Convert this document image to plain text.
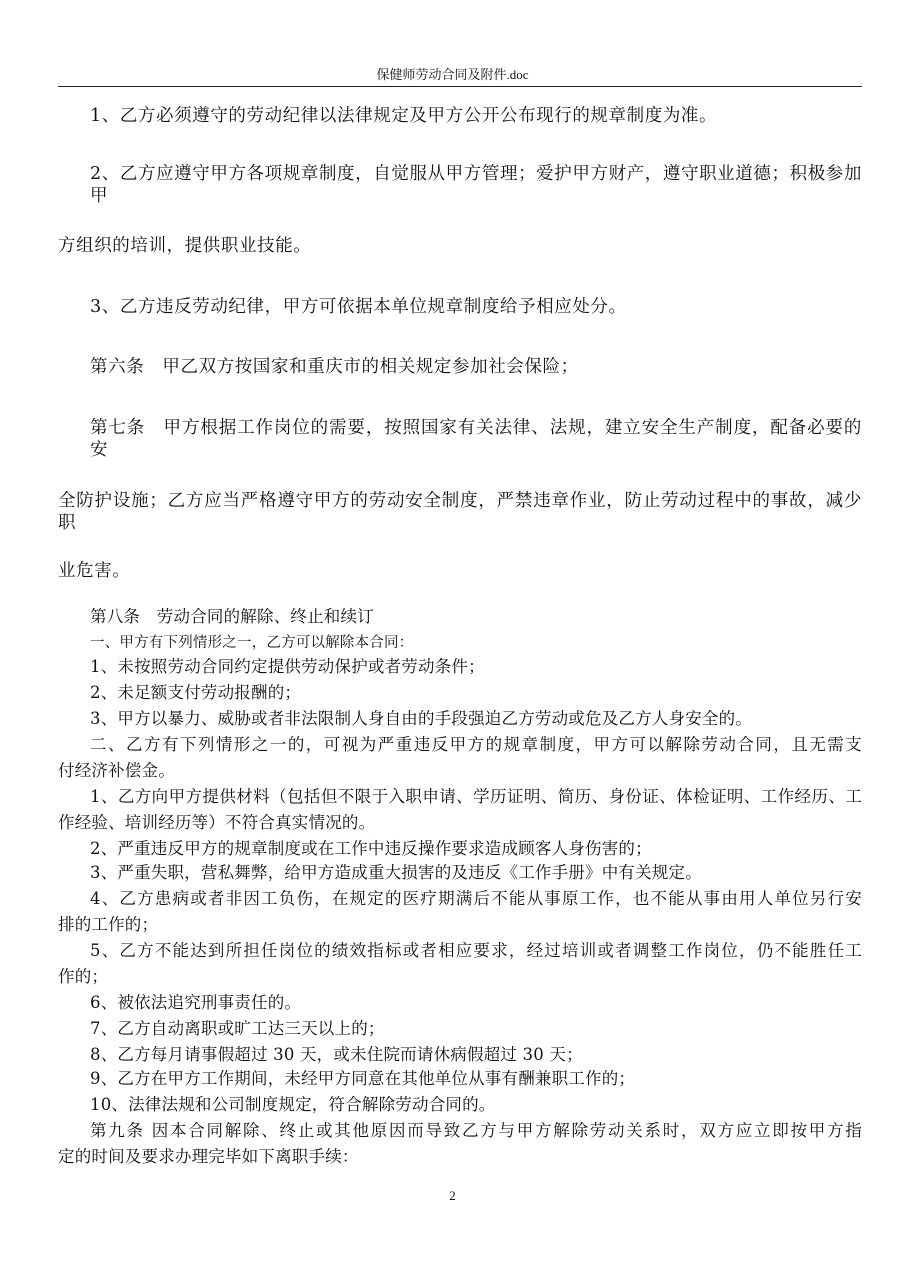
保健师劳动合同及附件.doc
1、乙方必须遵守的劳动纪律以法律规定及甲方公开公布现行的规章制度为准。
2、乙方应遵守甲方各项规章制度，自觉服从甲方管理；爱护甲方财产，遵守职业道德；积极参加甲
方组织的培训，提供职业技能。
3、乙方违反劳动纪律，甲方可依据本单位规章制度给予相应处分。
第六条　甲乙双方按国家和重庆市的相关规定参加社会保险；
第七条　甲方根据工作岗位的需要，按照国家有关法律、法规，建立安全生产制度，配备必要的安
全防护设施；乙方应当严格遵守甲方的劳动安全制度，严禁违章作业，防止劳动过程中的事故，减少职
业危害。
第八条　劳动合同的解除、终止和续订
一、甲方有下列情形之一，乙方可以解除本合同：
1、未按照劳动合同约定提供劳动保护或者劳动条件；
2、未足额支付劳动报酬的；
3、甲方以暴力、威胁或者非法限制人身自由的手段强迫乙方劳动或危及乙方人身安全的。
二、乙方有下列情形之一的，可视为严重违反甲方的规章制度，甲方可以解除劳动合同，且无需支
付经济补偿金。
1、乙方向甲方提供材料（包括但不限于入职申请、学历证明、简历、身份证、体检证明、工作经历、工
作经验、培训经历等）不符合真实情况的。
2、严重违反甲方的规章制度或在工作中违反操作要求造成顾客人身伤害的；
3、严重失职，营私舞弊，给甲方造成重大损害的及违反《工作手册》中有关规定。
4、乙方患病或者非因工负伤，在规定的医疗期满后不能从事原工作，也不能从事由用人单位另行安
排的工作的；
5、乙方不能达到所担任岗位的绩效指标或者相应要求，经过培训或者调整工作岗位，仍不能胜任工
作的；
6、被依法追究刑事责任的。
7、乙方自动离职或旷工达三天以上的；
8、乙方每月请事假超过 30 天，或未住院而请休病假超过 30 天；
9、乙方在甲方工作期间，未经甲方同意在其他单位从事有酬兼职工作的；
10、法律法规和公司制度规定，符合解除劳动合同的。
第九条 因本合同解除、终止或其他原因而导致乙方与甲方解除劳动关系时，双方应立即按甲方指
定的时间及要求办理完毕如下离职手续：
2
